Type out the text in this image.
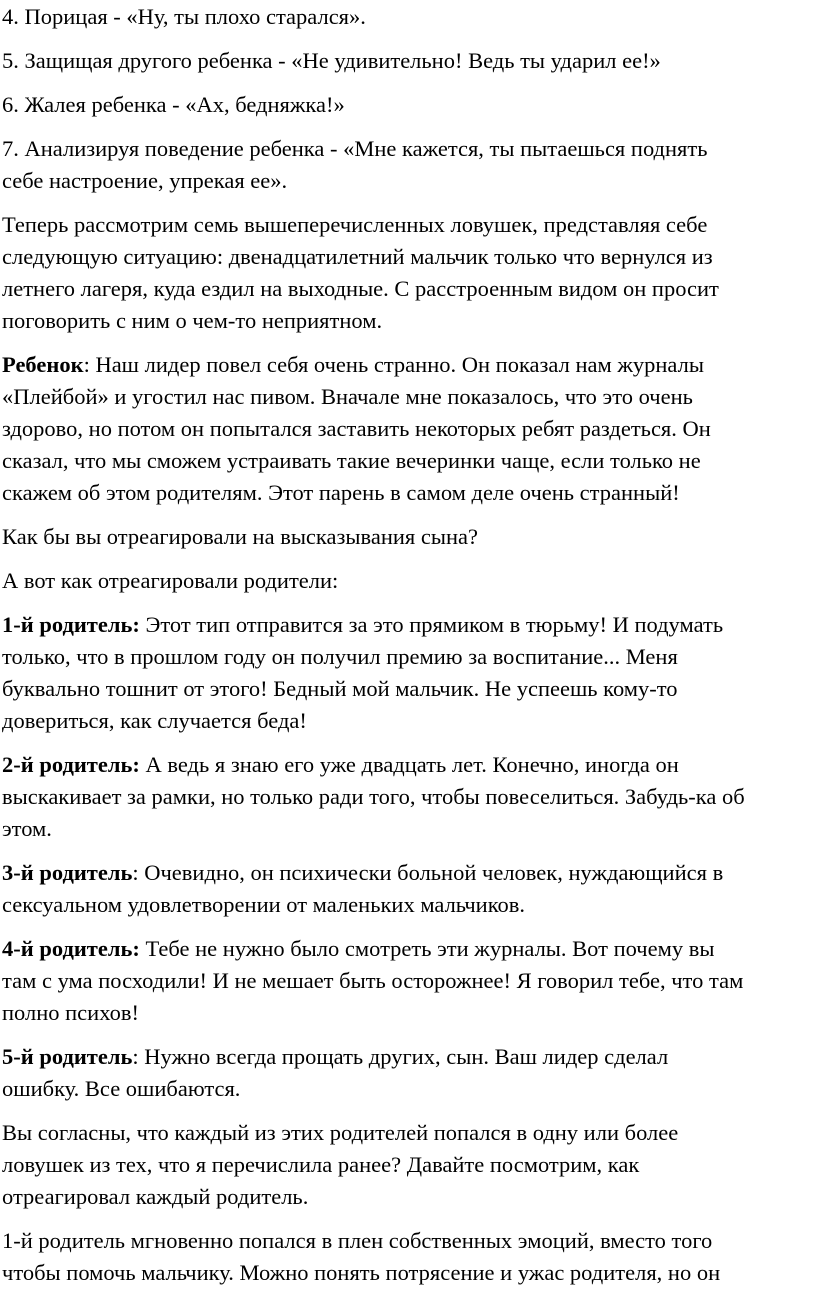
4. Порицая - «Ну, ты плохо старался».
5. Защищая другого ребенка - «Не удивительно! Ведь ты ударил ее!»
6. Жалея ребенка - «Ах, бедняжка!»
7. Анализируя поведение ребенка - «Мне кажется, ты пытаешься поднять
себе настроение, упрекая ее».
Теперь рассмотрим семь вышеперечисленных ловушек, представляя себе
следующую ситуацию: двенадцатилетний мальчик только что вернулся из
летнего лагеря, куда ездил на выходные. С расстроенным видом он просит
поговорить с ним о чем-то неприятном.
Ребенок: Наш лидер повел себя очень странно. Он показал нам журналы
«Плейбой» и угостил нас пивом. Вначале мне показалось, что это очень
здорово, но потом он попытался заставить некоторых ребят раздеться. Он
сказал, что мы сможем устраивать такие вечеринки чаще, если только не
скажем об этом родителям. Этот парень в самом деле очень странный!
Как бы вы отреагировали на высказывания сына?
А вот как отреагировали родители:
1-й родитель: Этот тип отправится за это прямиком в тюрьму! И подумать
только, что в прошлом году он получил премию за воспитание... Меня
буквально тошнит от этого! Бедный мой мальчик. Не успеешь кому-то
довериться, как случается беда!
2-й родитель: А ведь я знаю его уже двадцать лет. Конечно, иногда он
выскакивает за рамки, но только ради того, чтобы повеселиться. Забудь-ка об
этом.
3-й родитель: Очевидно, он психически больной человек, нуждающийся в
сексуальном удовлетворении от маленьких мальчиков.
4-й родитель: Тебе не нужно было смотреть эти журналы. Вот почему вы
там с ума посходили! И не мешает быть осторожнее! Я говорил тебе, что там
полно психов!
5-й родитель: Нужно всегда прощать других, сын. Ваш лидер сделал
ошибку. Все ошибаются.
Вы согласны, что каждый из этих родителей попался в одну или более
ловушек из тех, что я перечислила ранее? Давайте посмотрим, как
отреагировал каждый родитель.
1-й родитель мгновенно попался в плен собственных эмоций, вместо того
чтобы помочь мальчику. Можно понять потрясение и ужас родителя, но он
